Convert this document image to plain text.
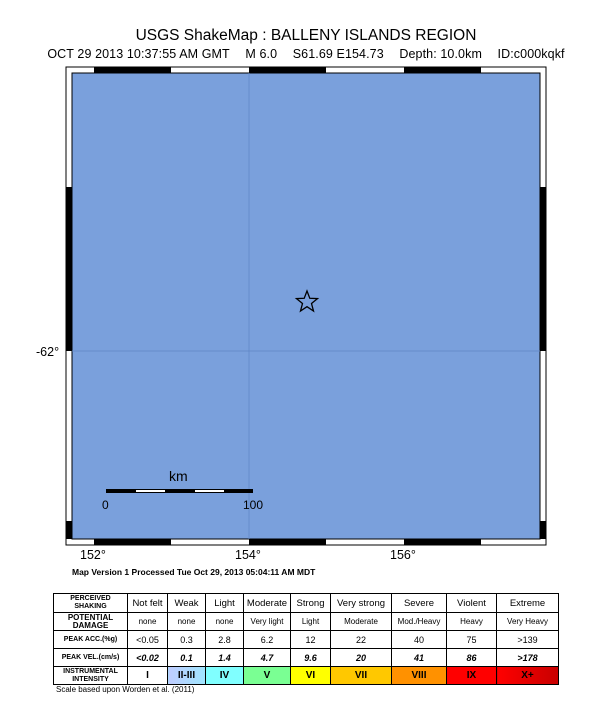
USGS ShakeMap : BALLENY ISLANDS REGION
OCT 29 2013 10:37:55 AM GMT M 6.0 S61.69 E154.73 Depth: 10.0km ID:c000kqkf
-62°
152°	154°	156°
km
0	100
Map Version 1 Processed Tue Oct 29, 2013 05:04:11 AM MDT
PERCEIVED SHAKING	Not felt	Weak	Light	Moderate	Strong	Very strong	Severe	Violent	Extreme
POTENTIAL DAMAGE	none	none	none	Very light	Light	Moderate	Mod./Heavy	Heavy	Very Heavy
PEAK ACC.(%g)	<0.05	0.3	2.8	6.2	12	22	40	75	>139
PEAK VEL.(cm/s)	<0.02	0.1	1.4	4.7	9.6	20	41	86	>178
INSTRUMENTAL INTENSITY	I	II-III	IV	V	VI	VII	VIII	IX	X+
Scale based upon Worden et al. (2011)
